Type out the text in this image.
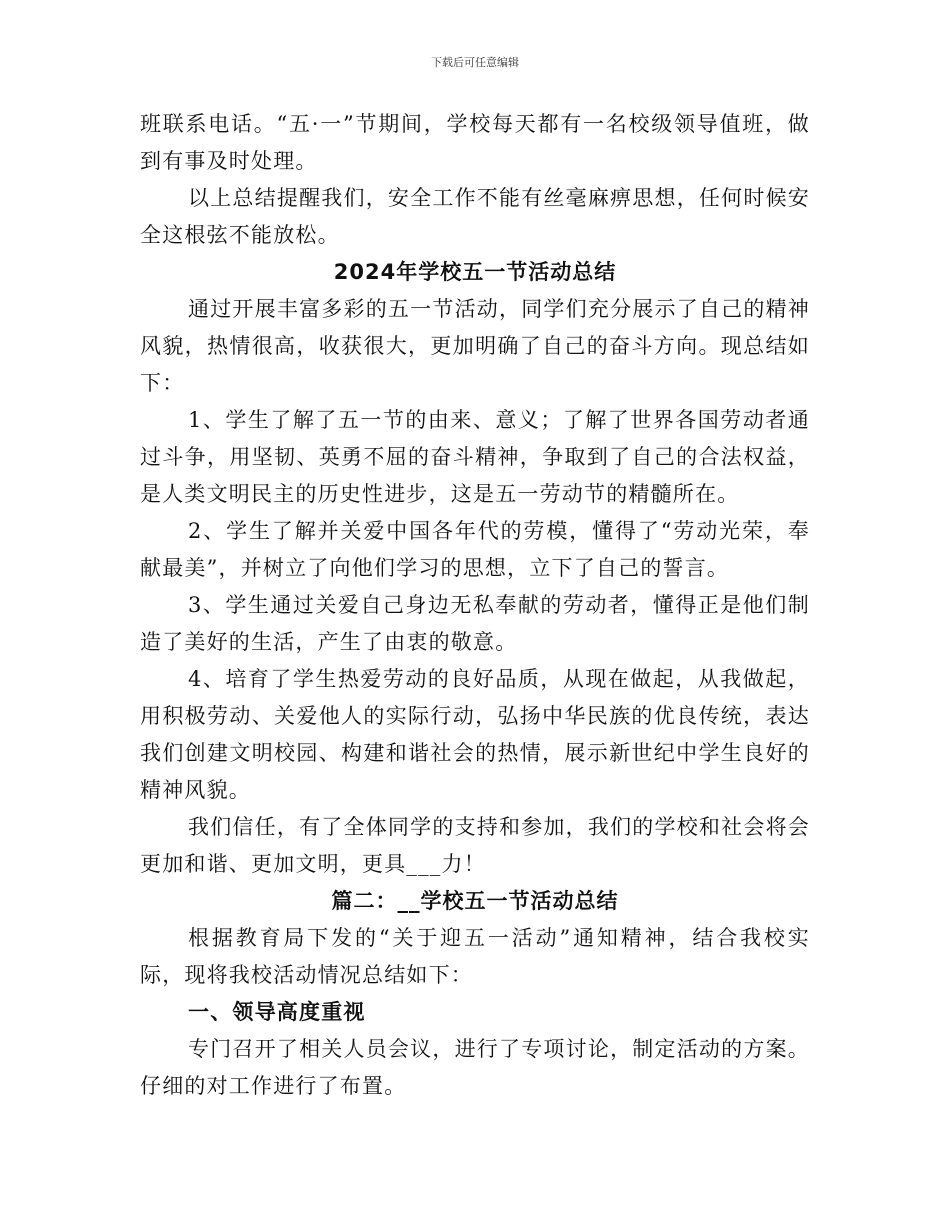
下载后可任意编辑

班联系电话。“五·一”节期间，学校每天都有一名校级领导值班，做到有事及时处理。

以上总结提醒我们，安全工作不能有丝毫麻痹思想，任何时候安全这根弦不能放松。

2024年学校五一节活动总结

通过开展丰富多彩的五一节活动，同学们充分展示了自己的精神风貌，热情很高，收获很大，更加明确了自己的奋斗方向。现总结如下：

1、学生了解了五一节的由来、意义；了解了世界各国劳动者通过斗争，用坚韧、英勇不屈的奋斗精神，争取到了自己的合法权益，是人类文明民主的历史性进步，这是五一劳动节的精髓所在。

2、学生了解并关爱中国各年代的劳模，懂得了“劳动光荣，奉献最美”，并树立了向他们学习的思想，立下了自己的誓言。

3、学生通过关爱自己身边无私奉献的劳动者，懂得正是他们制造了美好的生活，产生了由衷的敬意。

4、培育了学生热爱劳动的良好品质，从现在做起，从我做起，用积极劳动、关爱他人的实际行动，弘扬中华民族的优良传统，表达我们创建文明校园、构建和谐社会的热情，展示新世纪中学生良好的精神风貌。

我们信任，有了全体同学的支持和参加，我们的学校和社会将会更加和谐、更加文明，更具___力！

篇二：__学校五一节活动总结

根据教育局下发的“关于迎五一活动”通知精神，结合我校实际，现将我校活动情况总结如下：

一、领导高度重视

专门召开了相关人员会议，进行了专项讨论，制定活动的方案。仔细的对工作进行了布置。
